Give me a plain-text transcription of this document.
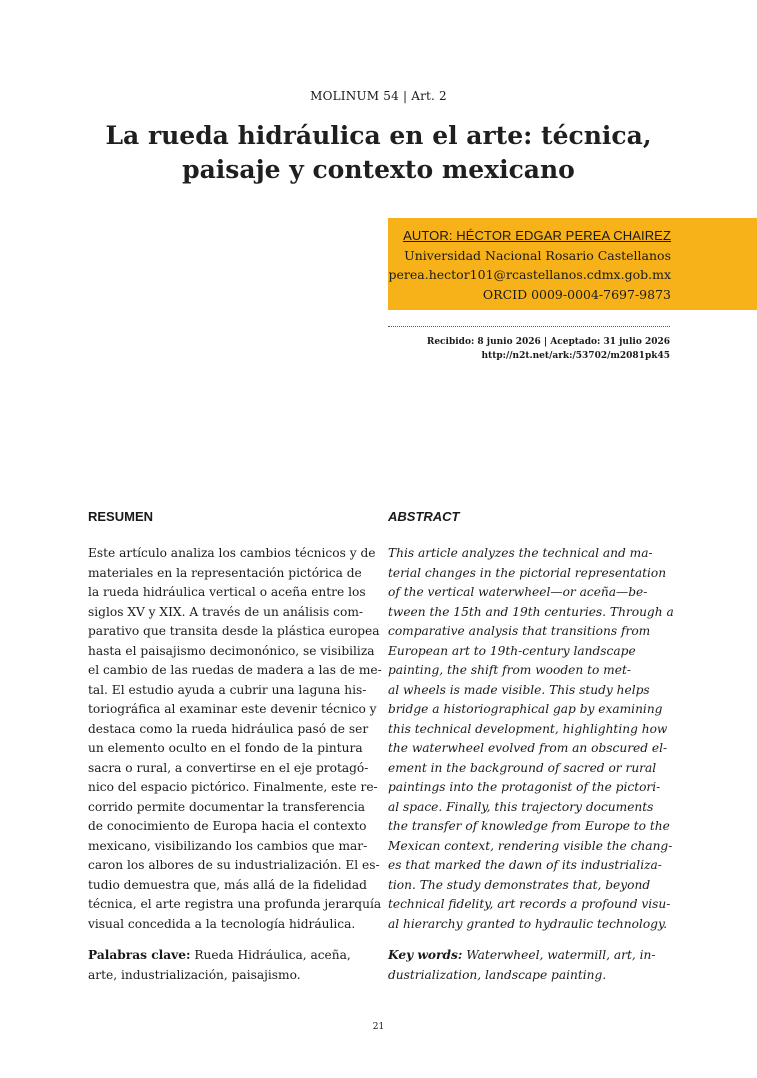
MOLINUM 54 | Art. 2
La rueda hidráulica en el arte: técnica,
paisaje y contexto mexicano
AUTOR: HÉCTOR EDGAR PEREA CHAIREZ
Universidad Nacional Rosario Castellanos
perea.hector101@rcastellanos.cdmx.gob.mx
ORCID 0009-0004-7697-9873
Recibido: 8 junio 2026 | Aceptado: 31 julio 2026
http://n2t.net/ark:/53702/m2081pk45
RESUMEN	ABSTRACT
Este artículo analiza los cambios técnicos y de
materiales en la representación pictórica de
la rueda hidráulica vertical o aceña entre los
siglos XV y XIX. A través de un análisis com-
parativo que transita desde la plástica europea
hasta el paisajismo decimonónico, se visibiliza
el cambio de las ruedas de madera a las de me-
tal. El estudio ayuda a cubrir una laguna his-
toriográfica al examinar este devenir técnico y
destaca como la rueda hidráulica pasó de ser
un elemento oculto en el fondo de la pintura
sacra o rural, a convertirse en el eje protagó-
nico del espacio pictórico. Finalmente, este re-
corrido permite documentar la transferencia
de conocimiento de Europa hacia el contexto
mexicano, visibilizando los cambios que mar-
caron los albores de su industrialización. El es-
tudio demuestra que, más allá de la fidelidad
técnica, el arte registra una profunda jerarquía
visual concedida a la tecnología hidráulica.
This article analyzes the technical and ma-
terial changes in the pictorial representation
of the vertical waterwheel—or aceña—be-
tween the 15th and 19th centuries. Through a
comparative analysis that transitions from
European art to 19th-century landscape
painting, the shift from wooden to met-
al wheels is made visible. This study helps
bridge a historiographical gap by examining
this technical development, highlighting how
the waterwheel evolved from an obscured el-
ement in the background of sacred or rural
paintings into the protagonist of the pictori-
al space. Finally, this trajectory documents
the transfer of knowledge from Europe to the
Mexican context, rendering visible the chang-
es that marked the dawn of its industrializa-
tion. The study demonstrates that, beyond
technical fidelity, art records a profound visu-
al hierarchy granted to hydraulic technology.
Palabras clave: Rueda Hidráulica, aceña,
arte, industrialización, paisajismo.
Key words: Waterwheel, watermill, art, in-
dustrialization, landscape painting.
21
